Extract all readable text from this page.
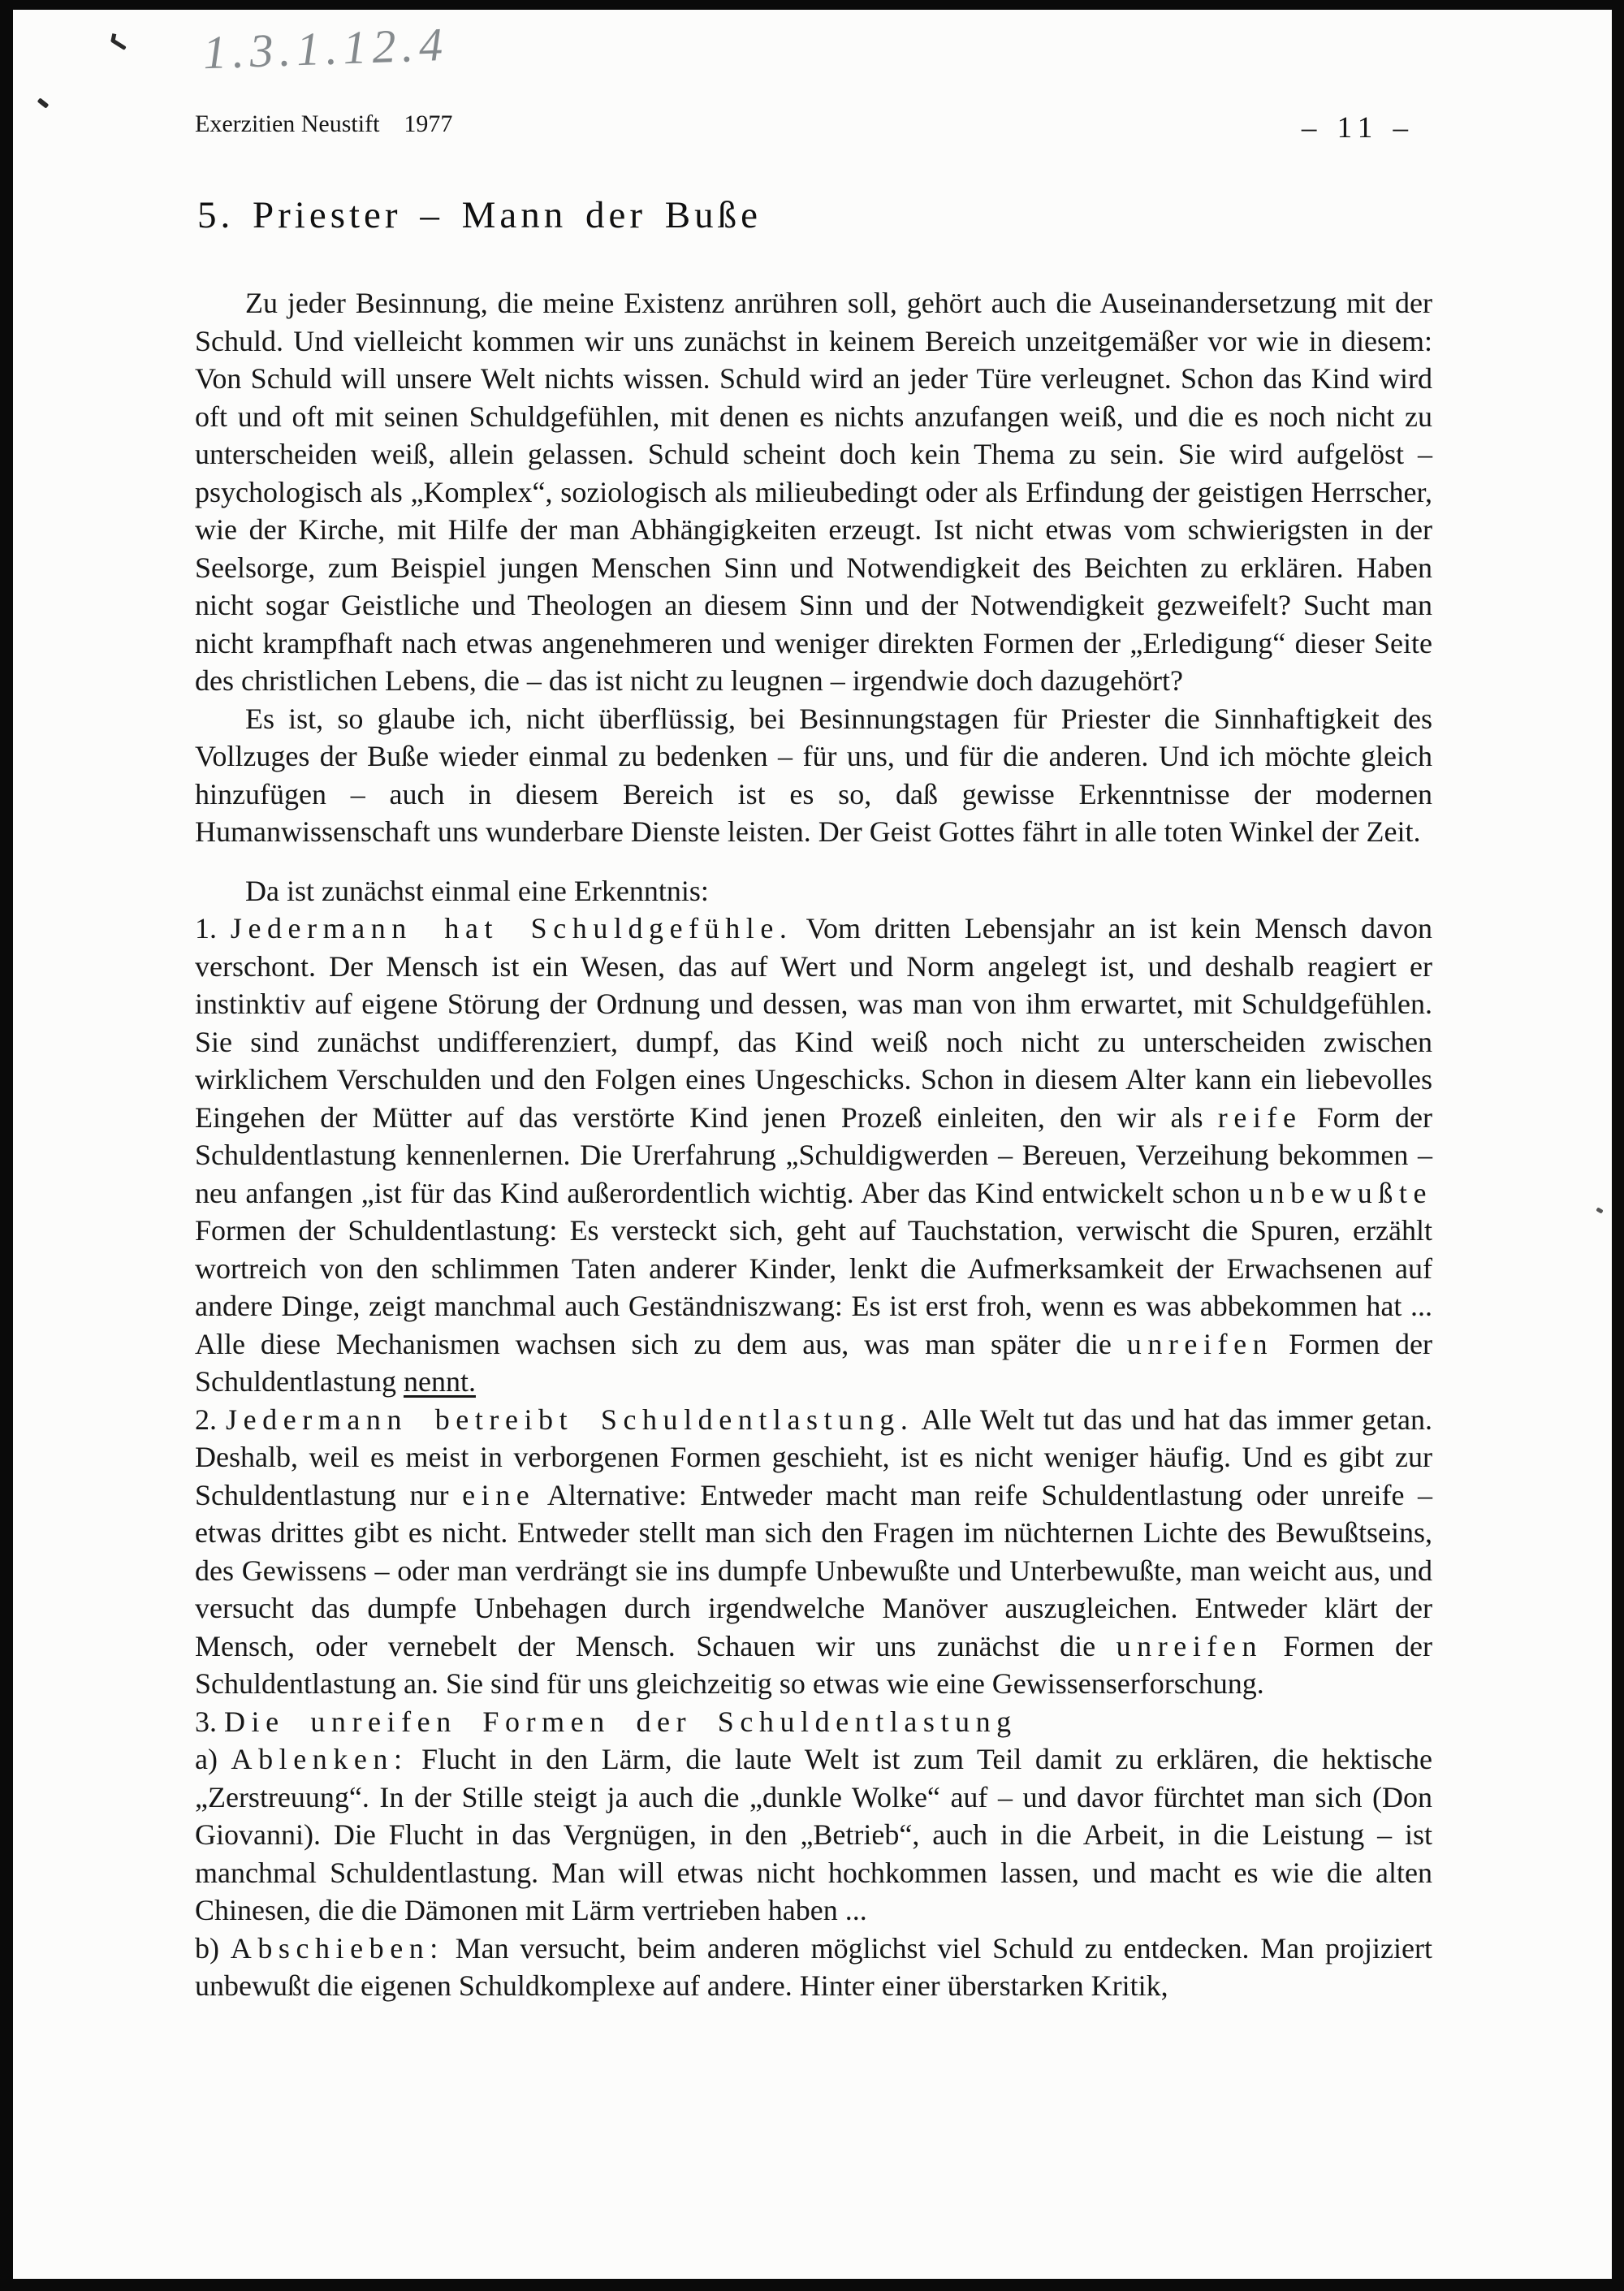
1.3.1.12.4
Exerzitien Neustift 1977	– 11 –
5. Priester – Mann der Buße

Zu jeder Besinnung, die meine Existenz anrühren soll, gehört auch die Auseinandersetzung mit der Schuld. Und vielleicht kommen wir uns zunächst in keinem Bereich unzeitgemäßer vor wie in diesem: Von Schuld will unsere Welt nichts wissen. Schuld wird an jeder Türe verleugnet. Schon das Kind wird oft und oft mit seinen Schuldgefühlen, mit denen es nichts anzufangen weiß, und die es noch nicht zu unterscheiden weiß, allein gelassen. Schuld scheint doch kein Thema zu sein. Sie wird aufgelöst – psychologisch als „Komplex“, soziologisch als milieubedingt oder als Erfindung der geistigen Herrscher, wie der Kirche, mit Hilfe der man Abhängigkeiten erzeugt. Ist nicht etwas vom schwierigsten in der Seelsorge, zum Beispiel jungen Menschen Sinn und Notwendigkeit des Beichten zu erklären. Haben nicht sogar Geistliche und Theologen an diesem Sinn und der Notwendigkeit gezweifelt? Sucht man nicht krampfhaft nach etwas angenehmeren und weniger direkten Formen der „Erledigung“ dieser Seite des christlichen Lebens, die – das ist nicht zu leugnen – irgendwie doch dazugehört?

Es ist, so glaube ich, nicht überflüssig, bei Besinnungstagen für Priester die Sinnhaftigkeit des Vollzuges der Buße wieder einmal zu bedenken – für uns, und für die anderen. Und ich möchte gleich hinzufügen – auch in diesem Bereich ist es so, daß gewisse Erkenntnisse der modernen Humanwissenschaft uns wunderbare Dienste leisten. Der Geist Gottes fährt in alle toten Winkel der Zeit.

Da ist zunächst einmal eine Erkenntnis:

1. Jedermann hat Schuldgefühle. Vom dritten Lebensjahr an ist kein Mensch davon verschont. Der Mensch ist ein Wesen, das auf Wert und Norm angelegt ist, und deshalb reagiert er instinktiv auf eigene Störung der Ordnung und dessen, was man von ihm erwartet, mit Schuldgefühlen. Sie sind zunächst undifferenziert, dumpf, das Kind weiß noch nicht zu unterscheiden zwischen wirklichem Verschulden und den Folgen eines Ungeschicks. Schon in diesem Alter kann ein liebevolles Eingehen der Mütter auf das verstörte Kind jenen Prozeß einleiten, den wir als reife Form der Schuldentlastung kennenlernen. Die Urerfahrung „Schuldigwerden – Bereuen, Verzeihung bekommen – neu anfangen „ist für das Kind außerordentlich wichtig. Aber das Kind entwickelt schon unbewußte Formen der Schuldentlastung: Es versteckt sich, geht auf Tauchstation, verwischt die Spuren, erzählt wortreich von den schlimmen Taten anderer Kinder, lenkt die Aufmerksamkeit der Erwachsenen auf andere Dinge, zeigt manchmal auch Geständniszwang: Es ist erst froh, wenn es was abbekommen hat ... Alle diese Mechanismen wachsen sich zu dem aus, was man später die unreifen Formen der Schuldentlastung nennt.

2. Jedermann betreibt Schuldentlastung. Alle Welt tut das und hat das immer getan. Deshalb, weil es meist in verborgenen Formen geschieht, ist es nicht weniger häufig. Und es gibt zur Schuldentlastung nur eine Alternative: Entweder macht man reife Schuldentlastung oder unreife – etwas drittes gibt es nicht. Entweder stellt man sich den Fragen im nüchternen Lichte des Bewußtseins, des Gewissens – oder man verdrängt sie ins dumpfe Unbewußte und Unterbewußte, man weicht aus, und versucht das dumpfe Unbehagen durch irgendwelche Manöver auszugleichen. Entweder klärt der Mensch, oder vernebelt der Mensch. Schauen wir uns zunächst die unreifen Formen der Schuldentlastung an. Sie sind für uns gleichzeitig so etwas wie eine Gewissenserforschung.

3. Die unreifen Formen der Schuldentlastung

a) Ablenken: Flucht in den Lärm, die laute Welt ist zum Teil damit zu erklären, die hektische „Zerstreuung“. In der Stille steigt ja auch die „dunkle Wolke“ auf – und davor fürchtet man sich (Don Giovanni). Die Flucht in das Vergnügen, in den „Betrieb“, auch in die Arbeit, in die Leistung – ist manchmal Schuldentlastung. Man will etwas nicht hochkommen lassen, und macht es wie die alten Chinesen, die die Dämonen mit Lärm vertrieben haben ...

b) Abschieben: Man versucht, beim anderen möglichst viel Schuld zu entdecken. Man projiziert unbewußt die eigenen Schuldkomplexe auf andere. Hinter einer überstarken Kritik,
